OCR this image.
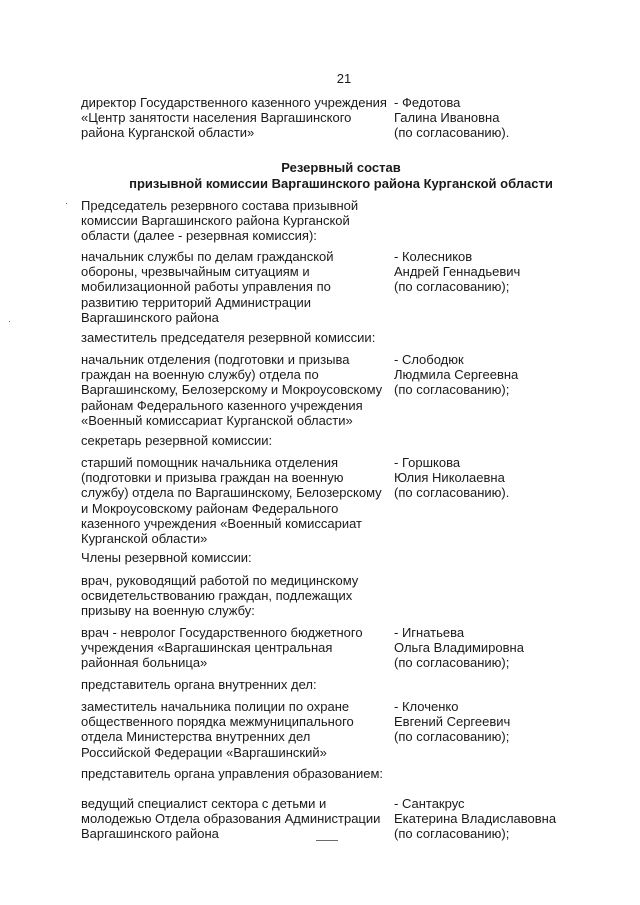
21
директор Государственного казенного учреждения
«Центр занятости населения Варгашинского
района Курганской области»
- Федотова
Галина Ивановна
(по согласованию).
Резервный состав
призывной комиссии Варгашинского района Курганской области
Председатель резервного состава призывной
комиссии Варгашинского района Курганской
области (далее - резервная комиссия):
начальник службы по делам гражданской
обороны, чрезвычайным ситуациям и
мобилизационной работы управления по
развитию территорий Администрации
Варгашинского района
- Колесников
Андрей Геннадьевич
(по согласованию);
заместитель председателя резервной комиссии:
начальник отделения (подготовки и призыва
граждан на военную службу) отдела по
Варгашинскому, Белозерскому и Мокроусовскому
районам Федерального казенного учреждения
«Военный комиссариат Курганской области»
- Слободюк
Людмила Сергеевна
(по согласованию);
секретарь резервной комиссии:
старший помощник начальника отделения
(подготовки и призыва граждан на военную
службу) отдела по Варгашинскому, Белозерскому
и Мокроусовскому районам Федерального
казенного учреждения «Военный комиссариат
Курганской области»
- Горшкова
Юлия Николаевна
(по согласованию).
Члены резервной комиссии:
врач, руководящий работой по медицинскому
освидетельствованию граждан, подлежащих
призыву на военную службу:
врач - невролог Государственного бюджетного
учреждения «Варгашинская центральная
районная больница»
- Игнатьева
Ольга Владимировна
(по согласованию);
представитель органа внутренних дел:
заместитель начальника полиции по охране
общественного порядка межмуниципального
отдела Министерства внутренних дел
Российской Федерации «Варгашинский»
- Клоченко
Евгений Сергеевич
(по согласованию);
представитель органа управления образованием:
ведущий специалист сектора с детьми и
молодежью Отдела образования Администрации
Варгашинского района
- Сантакрус
Екатерина Владиславовна
(по согласованию);
